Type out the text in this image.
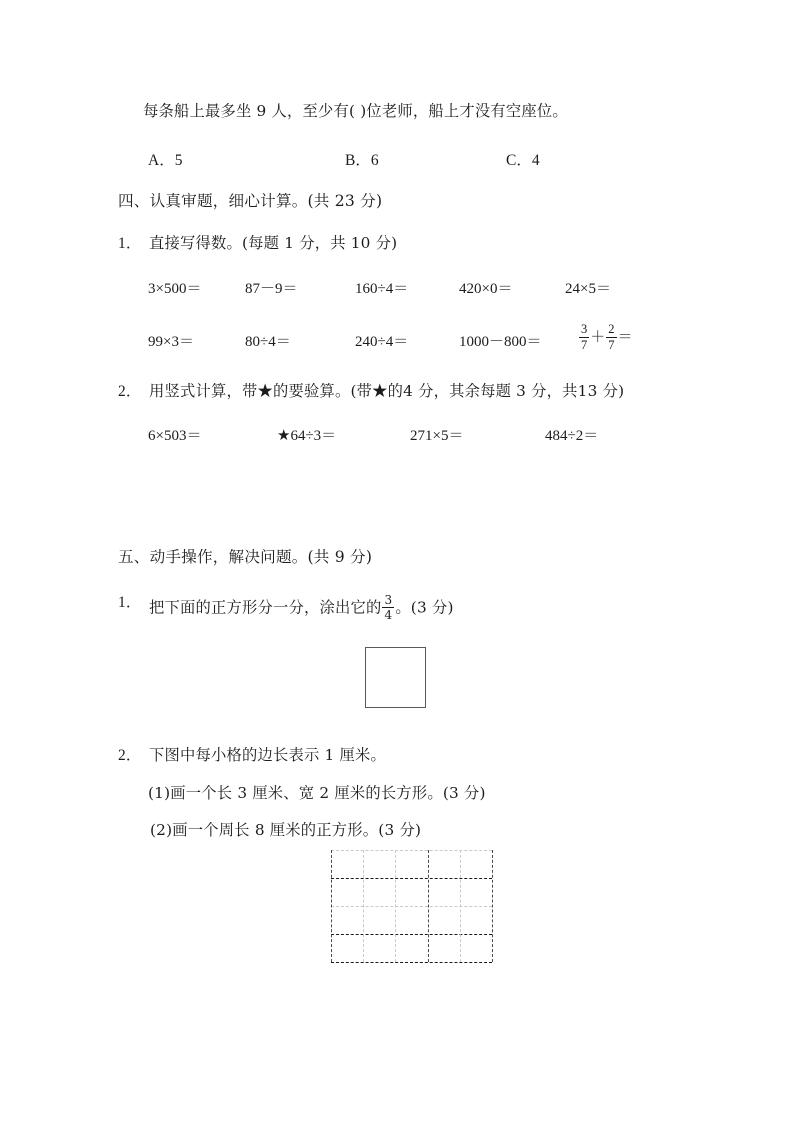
每条船上最多坐 9 人，至少有( )位老师，船上才没有空座位。
A．5	B．6	C．4
四、认真审题，细心计算。(共 23 分)
1． 直接写得数。(每题 1 分，共 10 分)
3×500＝	87－9＝	160÷4＝	420×0＝	24×5＝
99×3＝	80÷4＝	240÷4＝	1000－800＝	$\frac{3}{7} + \frac{2}{7}$ ＝
2． 用竖式计算，带★的要验算。(带★的4 分，其余每题 3 分，共13 分)
6×503＝	★64÷3＝	271×5＝	484÷2＝
五、动手操作，解决问题。(共 9 分)
1． 把下面的正方形分一分，涂出它的 $\frac{3}{4}$ 。(3 分)
2． 下图中每小格的边长表示 1 厘米。
(1)画一个长 3 厘米、宽 2 厘米的长方形。(3 分)
(2)画一个周长 8 厘米的正方形。(3 分)
